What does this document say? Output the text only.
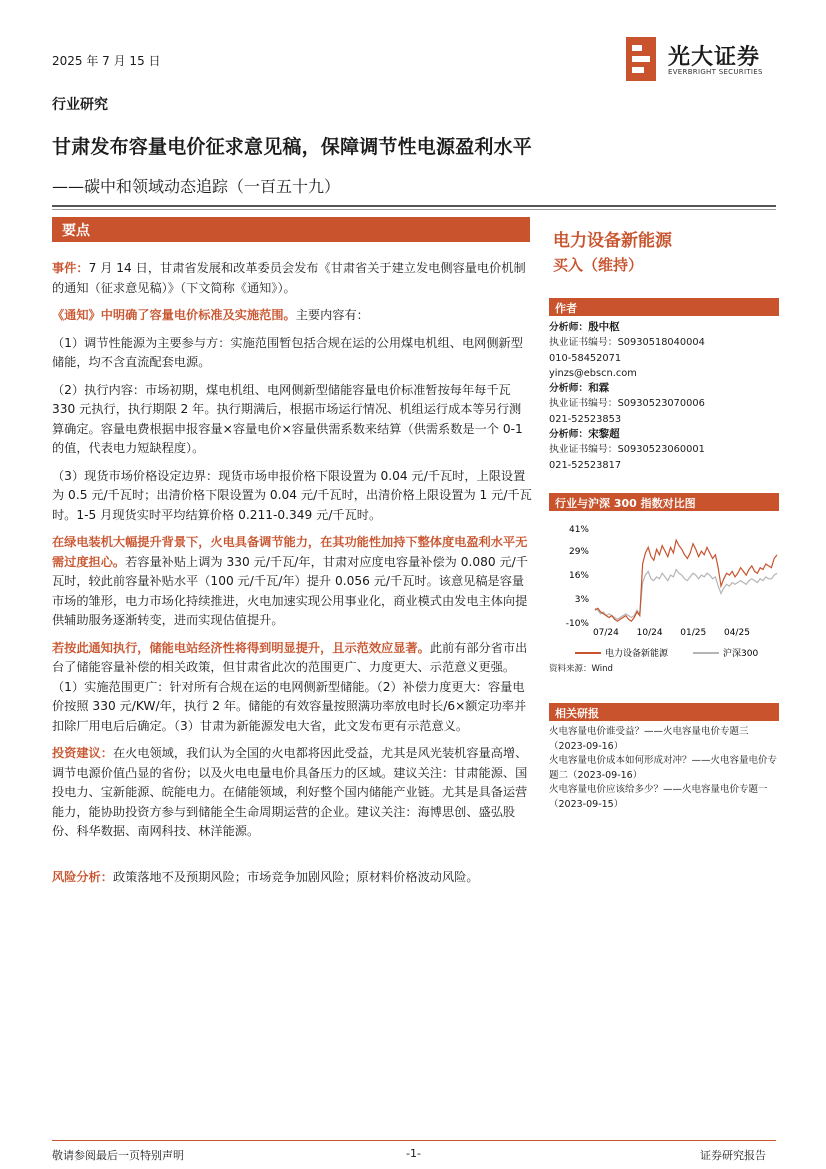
2025 年 7 月 15 日	光大证券
EVERBRIGHT SECURITIES
行业研究
甘肃发布容量电价征求意见稿，保障调节性电源盈利水平
——碳中和领域动态追踪（一百五十九）
要点

事件：7 月 14 日，甘肃省发展和改革委员会发布《甘肃省关于建立发电侧容量电价机制的通知（征求意见稿）》（下文简称《通知》）。

《通知》中明确了容量电价标准及实施范围。主要内容有：

（1）调节性能源为主要参与方：实施范围暂包括合规在运的公用煤电机组、电网侧新型储能，均不含直流配套电源。

（2）执行内容：市场初期，煤电机组、电网侧新型储能容量电价标准暂按每年每千瓦 330 元执行，执行期限 2 年。执行期满后，根据市场运行情况、机组运行成本等另行测算确定。容量电费根据申报容量×容量电价×容量供需系数来结算（供需系数是一个 0-1 的值，代表电力短缺程度）。

（3）现货市场价格设定边界：现货市场申报价格下限设置为 0.04 元/千瓦时，上限设置为 0.5 元/千瓦时；出清价格下限设置为 0.04 元/千瓦时，出清价格上限设置为 1 元/千瓦时。1-5 月现货实时平均结算价格 0.211-0.349 元/千瓦时。

在绿电装机大幅提升背景下，火电具备调节能力，在其功能性加持下整体度电盈利水平无需过度担心。若容量补贴上调为 330 元/千瓦/年，甘肃对应度电容量补偿为 0.080 元/千瓦时，较此前容量补贴水平（100 元/千瓦/年）提升 0.056 元/千瓦时。该意见稿是容量市场的雏形，电力市场化持续推进，火电加速实现公用事业化，商业模式由发电主体向提供辅助服务逐渐转变，进而实现估值提升。

若按此通知执行，储能电站经济性将得到明显提升，且示范效应显著。此前有部分省市出台了储能容量补偿的相关政策，但甘肃省此次的范围更广、力度更大、示范意义更强。（1）实施范围更广：针对所有合规在运的电网侧新型储能。（2）补偿力度更大：容量电价按照 330 元/KW/年，执行 2 年。储能的有效容量按照满功率放电时长/6×额定功率并扣除厂用电后后确定。（3）甘肃为新能源发电大省，此文发布更有示范意义。

投资建议：在火电领域，我们认为全国的火电都将因此受益，尤其是风光装机容量高增、调节电源价值凸显的省份；以及火电电量电价具备压力的区域。建议关注：甘肃能源、国投电力、宝新能源、皖能电力。在储能领域，利好整个国内储能产业链。尤其是具备运营能力，能协助投资方参与到储能全生命周期运营的企业。建议关注：海博思创、盛弘股份、科华数据、南网科技、林洋能源。

风险分析：政策落地不及预期风险；市场竞争加剧风险；原材料价格波动风险。

电力设备新能源
买入（维持）
作者
分析师：殷中枢
执业证书编号：S0930518040004
010-58452071
yinzs@ebscn.com
分析师：和霖
执业证书编号：S0930523070006
021-52523853
分析师：宋黎超
执业证书编号：S0930523060001
021-52523817
行业与沪深 300 指数对比图
41%
29%
16%
3%
-10%
07/24 10/24 01/25 04/25
电力设备新能源	沪深300
资料来源：Wind
相关研报
火电容量电价谁受益？——火电容量电价专题三（2023-09-16）
火电容量电价成本如何形成对冲？——火电容量电价专题二（2023-09-16）
火电容量电价应该给多少？——火电容量电价专题一（2023-09-15）
敬请参阅最后一页特别声明	-1-	证券研究报告
